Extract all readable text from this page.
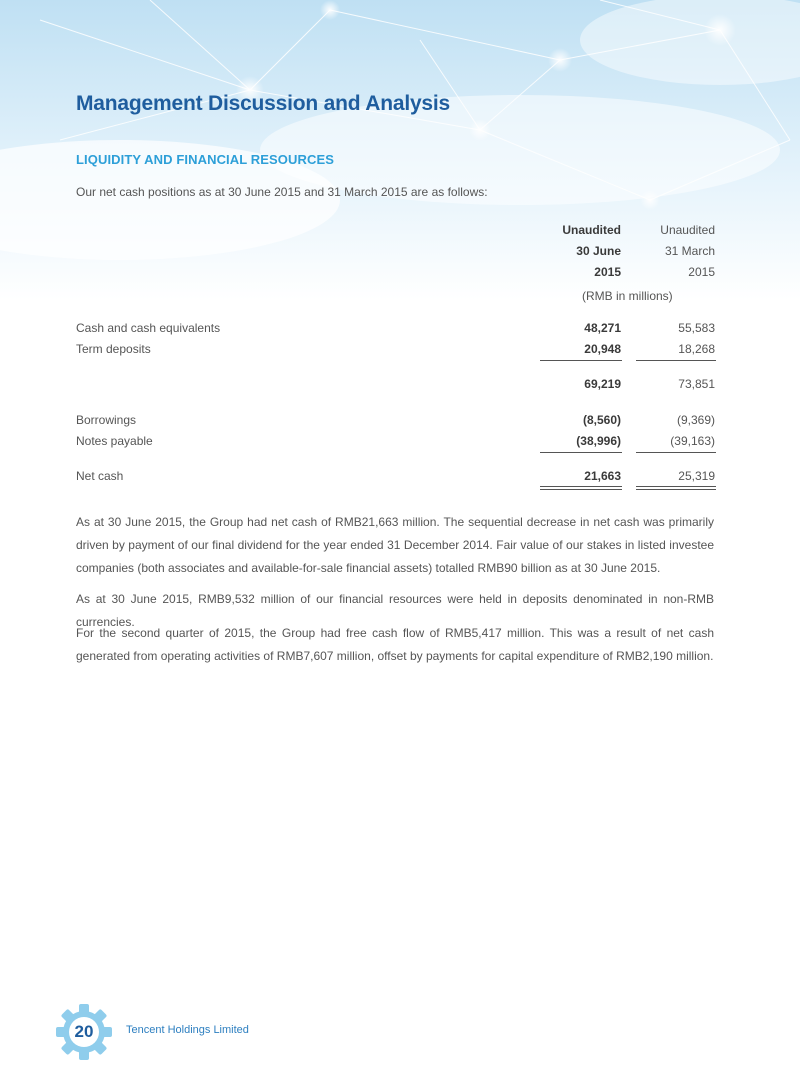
Management Discussion and Analysis
LIQUIDITY AND FINANCIAL RESOURCES
Our net cash positions as at 30 June 2015 and 31 March 2015 are as follows:
Unaudited	Unaudited
30 June	31 March
2015	2015
(RMB in millions)
Cash and cash equivalents	48,271	55,583
Term deposits	20,948	18,268
69,219	73,851
Borrowings	(8,560)	(9,369)
Notes payable	(38,996)	(39,163)
Net cash	21,663	25,319
As at 30 June 2015, the Group had net cash of RMB21,663 million. The sequential decrease in net cash was primarily driven by payment of our final dividend for the year ended 31 December 2014. Fair value of our stakes in listed investee companies (both associates and available-for-sale financial assets) totalled RMB90 billion as at 30 June 2015.
As at 30 June 2015, RMB9,532 million of our financial resources were held in deposits denominated in non-RMB currencies.
For the second quarter of 2015, the Group had free cash flow of RMB5,417 million. This was a result of net cash generated from operating activities of RMB7,607 million, offset by payments for capital expenditure of RMB2,190 million.
20	Tencent Holdings Limited
